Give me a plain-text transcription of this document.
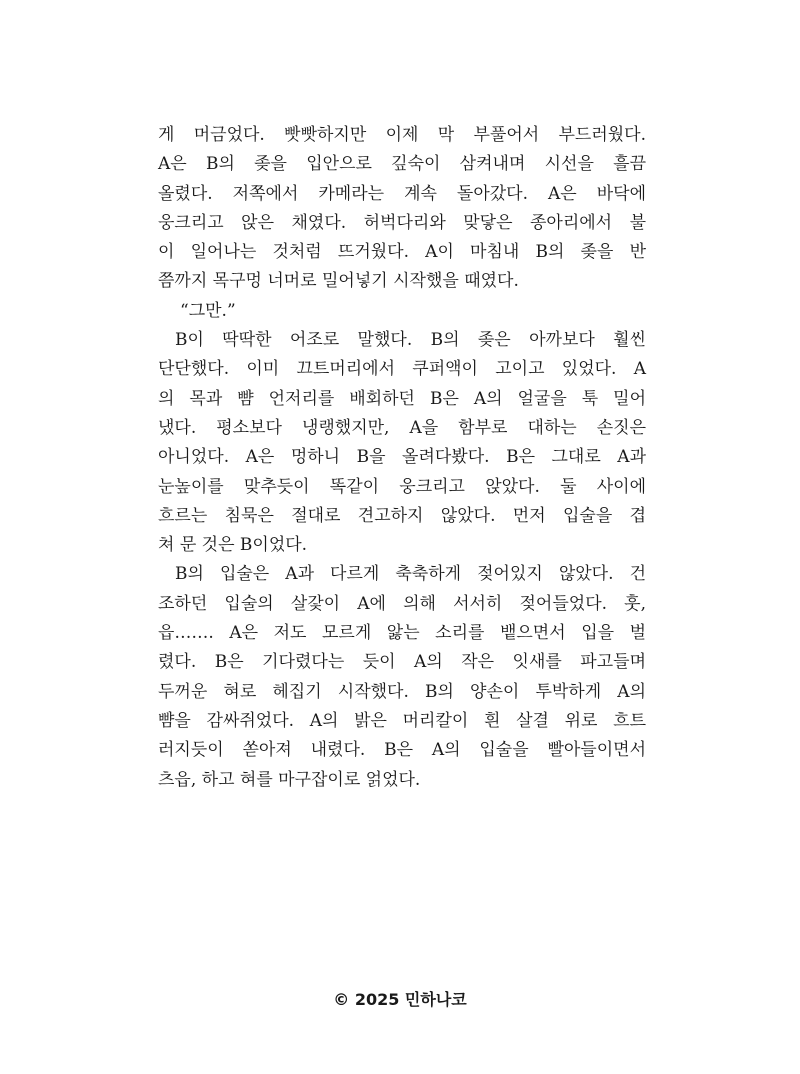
게 머금었다. 빳빳하지만 이제 막 부풀어서 부드러웠다.
A은 B의 좆을 입안으로 깊숙이 삼켜내며 시선을 흘끔
올렸다. 저쪽에서 카메라는 계속 돌아갔다. A은 바닥에
웅크리고 앉은 채였다. 허벅다리와 맞닿은 종아리에서 불
이 일어나는 것처럼 뜨거웠다. A이 마침내 B의 좆을 반
쯤까지 목구멍 너머로 밀어넣기 시작했을 때였다.
“그만.”
B이 딱딱한 어조로 말했다. B의 좆은 아까보다 훨씬
단단했다. 이미 끄트머리에서 쿠퍼액이 고이고 있었다. A
의 목과 뺨 언저리를 배회하던 B은 A의 얼굴을 툭 밀어
냈다. 평소보다 냉랭했지만, A을 함부로 대하는 손짓은
아니었다. A은 멍하니 B을 올려다봤다. B은 그대로 A과
눈높이를 맞추듯이 똑같이 웅크리고 앉았다. 둘 사이에
흐르는 침묵은 절대로 견고하지 않았다. 먼저 입술을 겹
쳐 문 것은 B이었다.
B의 입술은 A과 다르게 축축하게 젖어있지 않았다. 건
조하던 입술의 살갗이 A에 의해 서서히 젖어들었다. 훗,
읍……. A은 저도 모르게 앓는 소리를 뱉으면서 입을 벌
렸다. B은 기다렸다는 듯이 A의 작은 잇새를 파고들며
두꺼운 혀로 헤집기 시작했다. B의 양손이 투박하게 A의
뺨을 감싸쥐었다. A의 밝은 머리칼이 흰 살결 위로 흐트
러지듯이 쏟아져 내렸다. B은 A의 입술을 빨아들이면서
츠읍, 하고 혀를 마구잡이로 얽었다.
© 2025 민하나코
